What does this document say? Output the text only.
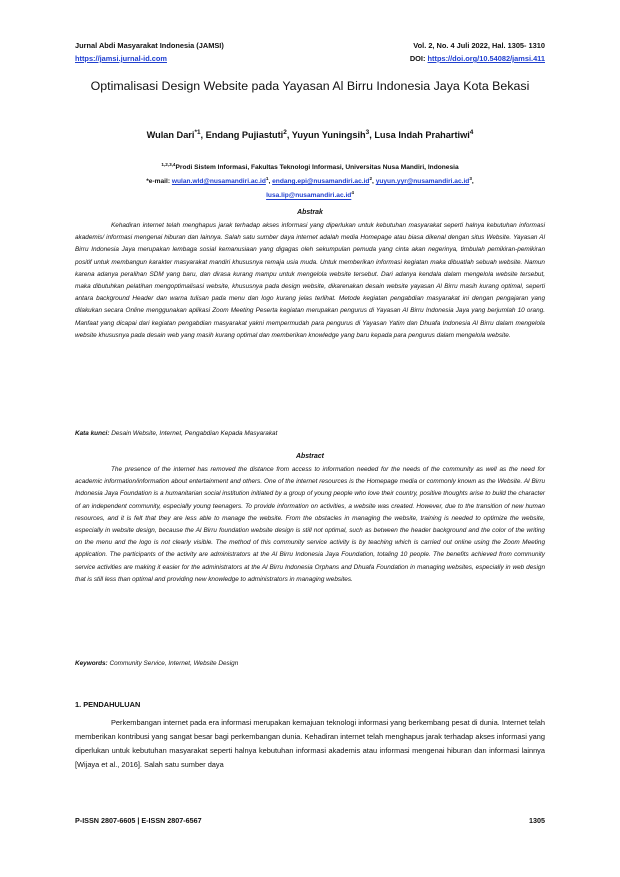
Jurnal Abdi Masyarakat Indonesia (JAMSI)
https://jamsi.jurnal-id.com
Vol. 2, No. 4 Juli 2022, Hal. 1305- 1310
DOI: https://doi.org/10.54082/jamsi.411
Optimalisasi Design Website pada Yayasan Al Birru Indonesia Jaya Kota Bekasi
Wulan Dari$^{*1}$, Endang Pujiastuti$^2$, Yuyun Yuningsih$^3$, Lusa Indah Prahartiwi$^4$
$^{1,2,3,4}$Prodi Sistem Informasi, Fakultas Teknologi Informasi, Universitas Nusa Mandiri, Indonesia
*e-mail: $wulan.wld@nusamandiri.ac.id^1$, $endang.epi@nusamandiri.ac.id^2$, $yuyun.yyr@nusamandiri.ac.id^3$,
$lusa.lip@nusamandiri.ac.id^4$
Abstrak
Kehadiran internet telah menghapus jarak terhadap akses informasi yang diperlukan untuk kebutuhan masyarakat seperti halnya kebutuhan informasi akademis/ informasi mengenai hiburan dan lainnya. Salah satu sumber daya internet adalah media Homepage atau biasa dikenal dengan situs Website. Yayasan Al Birru Indonesia Jaya merupakan lembaga sosial kemanusiaan yang digagas oleh sekumpulan pemuda yang cinta akan negerinya, timbulah pemikiran-pemikiran positif untuk membangun karakter masyarakat mandiri khususnya remaja usia muda. Untuk memberikan informasi kegiatan maka dibuatlah sebuah website. Namun karena adanya peralihan SDM yang baru, dan dirasa kurang mampu untuk mengelola website tersebut. Dari adanya kendala dalam mengelola website tersebut, maka dibutuhkan pelatihan mengoptimalisasi website, khususnya pada design website, dikarenakan desain website yayasan Al Birru masih kurang optimal, seperti antara background Header dan warna tulisan pada menu dan logo kurang jelas terlihat. Metode kegiatan pengabdian masyarakat ini dengan pengajaran yang dilakukan secara Online menggunakan aplikasi Zoom Meeting Peserta kegiatan merupakan pengurus di Yayasan Al Birru Indonesia Jaya yang berjumlah 10 orang. Manfaat yang dicapai dari kegiatan pengabdian masyarakat yakni mempermudah para pengurus di Yayasan Yatim dan Dhuafa Indonesia Al Birru dalam mengelola website khususnya pada desain web yang masih kurang optimal dan memberikan knowledge yang baru kepada para pengurus dalam mengelola website.
Kata kunci: Desain Website, Internet, Pengabdian Kepada Masyarakat
Abstract
The presence of the internet has removed the distance from access to information needed for the needs of the community as well as the need for academic information/information about entertainment and others. One of the internet resources is the Homepage media or commonly known as the Website. Al Birru Indonesia Jaya Foundation is a humanitarian social institution initiated by a group of young people who love their country, positive thoughts arise to build the character of an independent community, especially young teenagers. To provide information on activities, a website was created. However, due to the transition of new human resources, and it is felt that they are less able to manage the website. From the obstacles in managing the website, training is needed to optimize the website, especially in website design, because the Al Birru foundation website design is still not optimal, such as between the header background and the color of the writing on the menu and the logo is not clearly visible. The method of this community service activity is by teaching which is carried out online using the Zoom Meeting application. The participants of the activity are administrators at the Al Birru Indonesia Jaya Foundation, totaling 10 people. The benefits achieved from community service activities are making it easier for the administrators at the Al Birru Indonesia Orphans and Dhuafa Foundation in managing websites, especially in web design that is still less than optimal and providing new knowledge to administrators in managing websites.
Keywords: Community Service, Internet, Website Design
1. PENDAHULUAN
Perkembangan internet pada era informasi merupakan kemajuan teknologi informasi yang berkembang pesat di dunia. Internet telah memberikan kontribusi yang sangat besar bagi perkembangan dunia. Kehadiran internet telah menghapus jarak terhadap akses informasi yang diperlukan untuk kebutuhan masyarakat seperti halnya kebutuhan informasi akademis atau informasi mengenai hiburan dan informasi lainnya [Wijaya et al., 2016]. Salah satu sumber daya
P-ISSN 2807-6605 | E-ISSN 2807-6567	1305
